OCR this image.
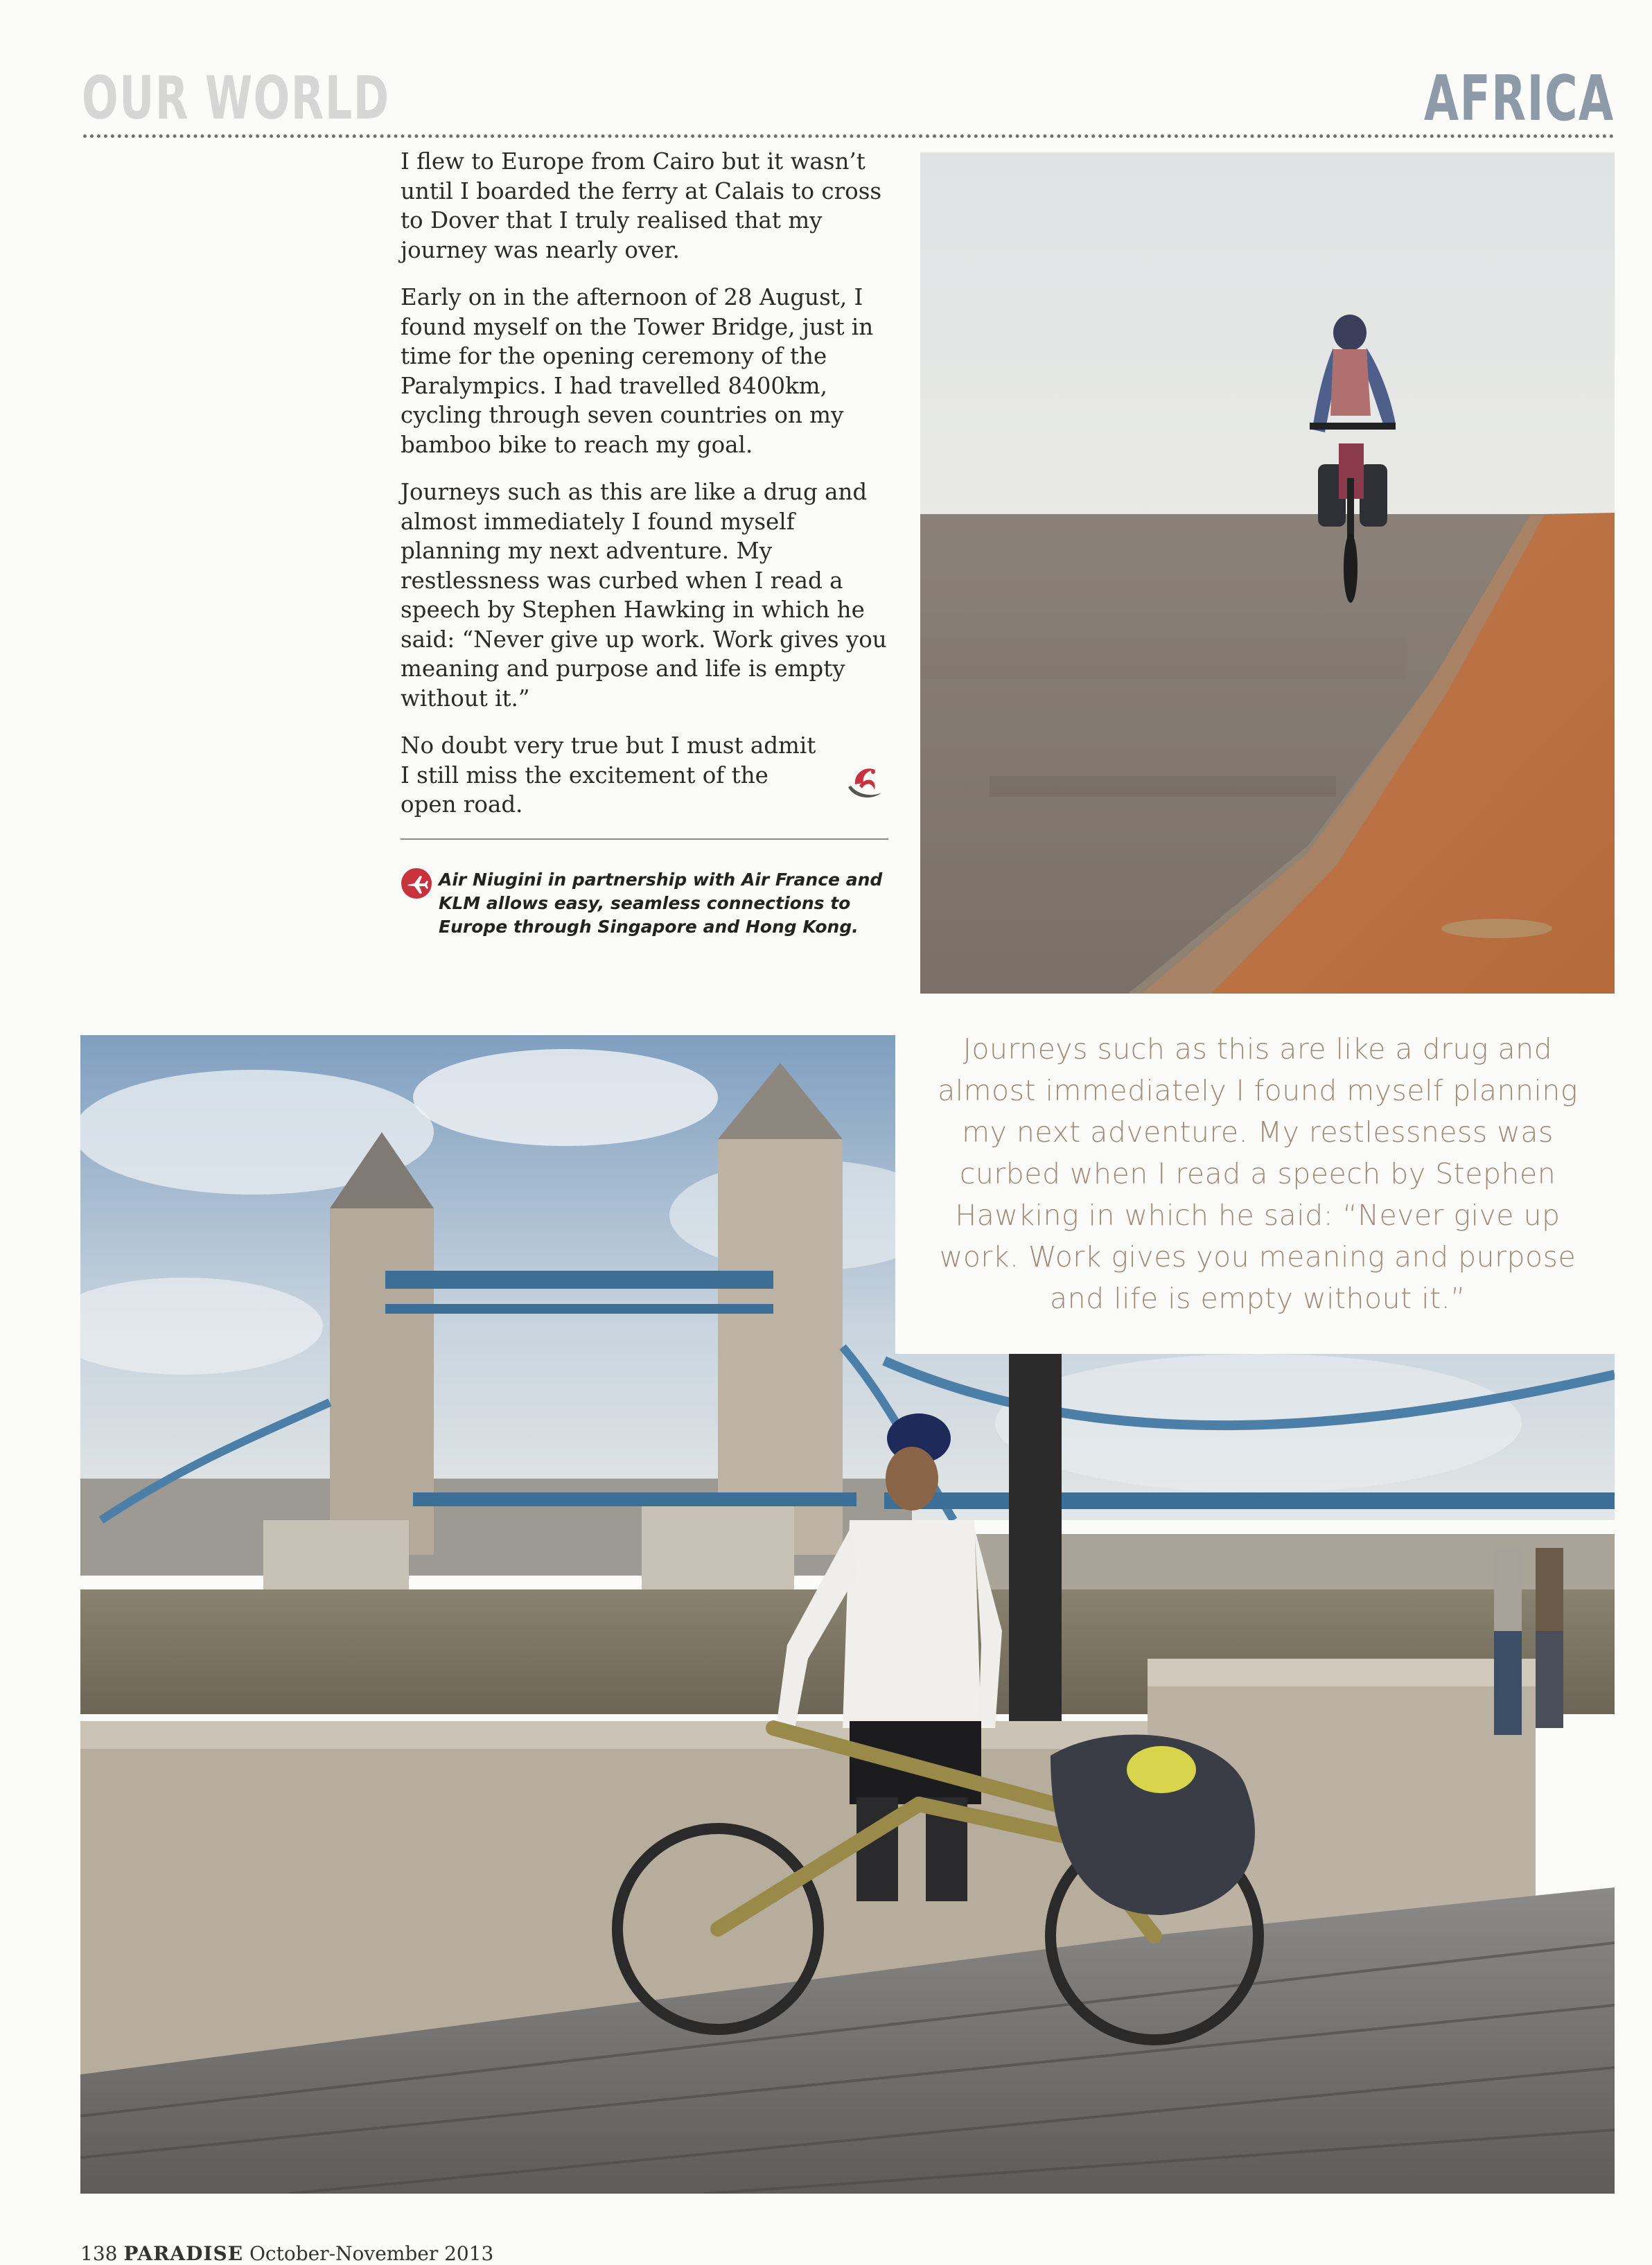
OUR WORLD	AFRICA

I flew to Europe from Cairo but it wasn’t until I boarded the ferry at Calais to cross to Dover that I truly realised that my journey was nearly over.

Early on in the afternoon of 28 August, I found myself on the Tower Bridge, just in time for the opening ceremony of the Paralympics. I had travelled 8400km, cycling through seven countries on my bamboo bike to reach my goal.

Journeys such as this are like a drug and almost immediately I found myself planning my next adventure. My restlessness was curbed when I read a speech by Stephen Hawking in which he said: “Never give up work. Work gives you meaning and purpose and life is empty without it.”

No doubt very true but I must admit I still miss the excitement of the open road.

Air Niugini in partnership with Air France and KLM allows easy, seamless connections to Europe through Singapore and Hong Kong.
Journeys such as this are like a drug and almost immediately I found myself planning my next adventure. My restlessness was curbed when I read a speech by Stephen Hawking in which he said: “Never give up work. Work gives you meaning and purpose and life is empty without it.”
138 PARADISE October-November 2013
